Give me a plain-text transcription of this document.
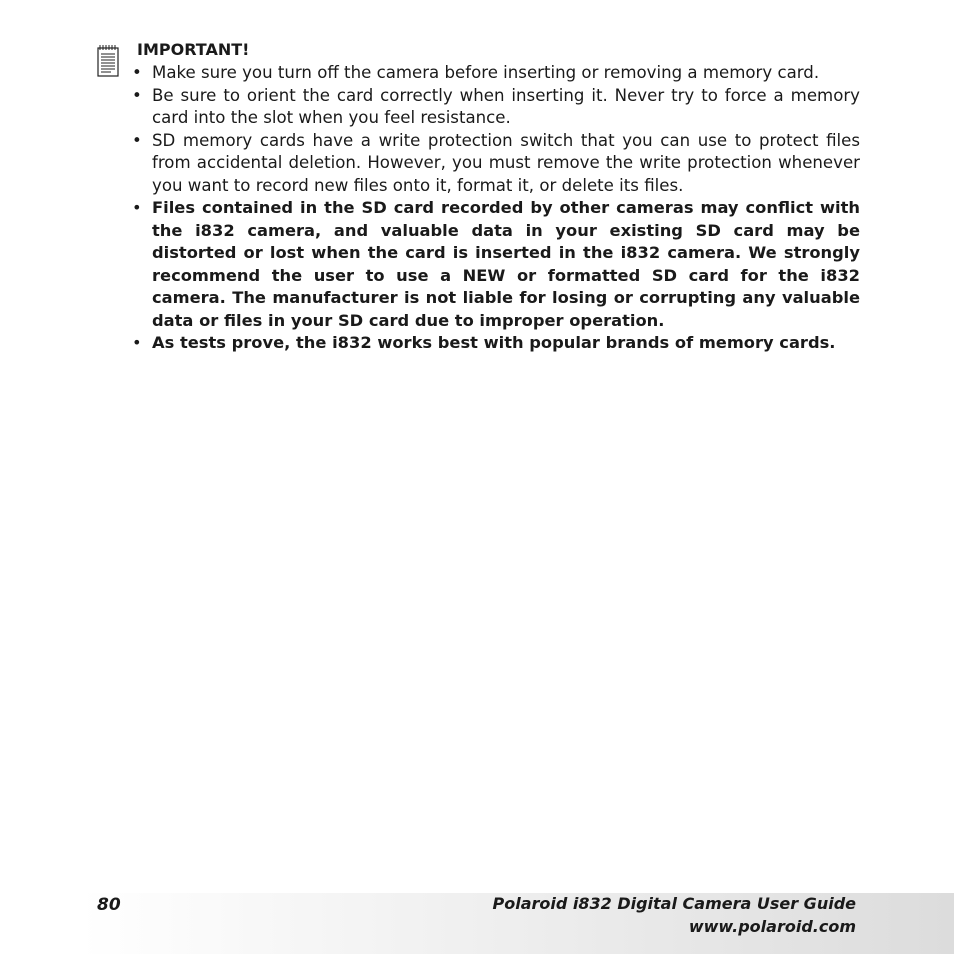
IMPORTANT!
• Make sure you turn off the camera before inserting or removing a memory card.
• Be sure to orient the card correctly when inserting it. Never try to force a memory card into the slot when you feel resistance.
• SD memory cards have a write protection switch that you can use to protect files from accidental deletion. However, you must remove the write protection whenever you want to record new files onto it, format it, or delete its files.
• Files contained in the SD card recorded by other cameras may conflict with the i832 camera, and valuable data in your existing SD card may be distorted or lost when the card is inserted in the i832 camera. We strongly recommend the user to use a NEW or formatted SD card for the i832 camera. The manufacturer is not liable for losing or corrupting any valuable data or files in your SD card due to improper operation.
• As tests prove, the i832 works best with popular brands of memory cards.
80	Polaroid i832 Digital Camera User Guide
www.polaroid.com
